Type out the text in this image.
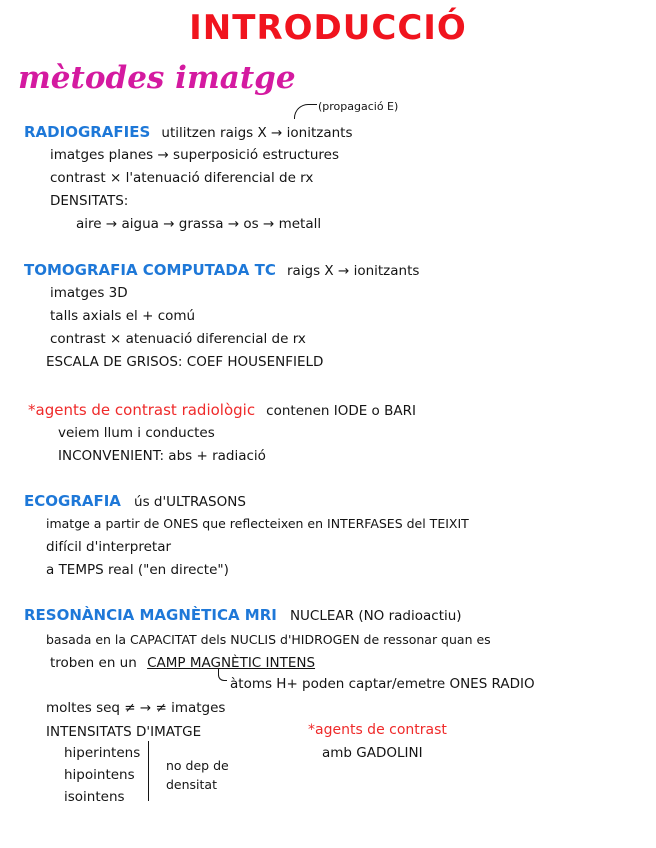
INTRODUCCIÓ
mètodes imatge
(propagació E)
RADIOGRAFIES utilitzen raigs X → ionitzants
imatges planes → superposició estructures
contrast × l'atenuació diferencial de rx
DENSITATS:
aire → aigua → grassa → os → metall
TOMOGRAFIA COMPUTADA TC raigs X → ionitzants
imatges 3D
talls axials el + comú
contrast × atenuació diferencial de rx
ESCALA DE GRISOS: COEF HOUSENFIELD
*agents de contrast radiològic contenen IODE o BARI
veiem llum i conductes
INCONVENIENT: abs + radiació
ECOGRAFIA ús d'ULTRASONS
imatge a partir de ONES que reflecteixen en INTERFASES del TEIXIT
difícil d'interpretar
a TEMPS real ("en directe")
RESONÀNCIA MAGNÈTICA MRI NUCLEAR (NO radioactiu)
basada en la CAPACITAT dels NUCLIS d'HIDROGEN de ressonar quan es
troben en un CAMP MAGNÈTIC INTENS
àtoms H+ poden captar/emetre ONES RADIO
moltes seq ≠ → ≠ imatges
INTENSITATS D'IMATGE
hiperintens
hipointens
isointens
no dep de
densitat
*agents de contrast
amb GADOLINI
